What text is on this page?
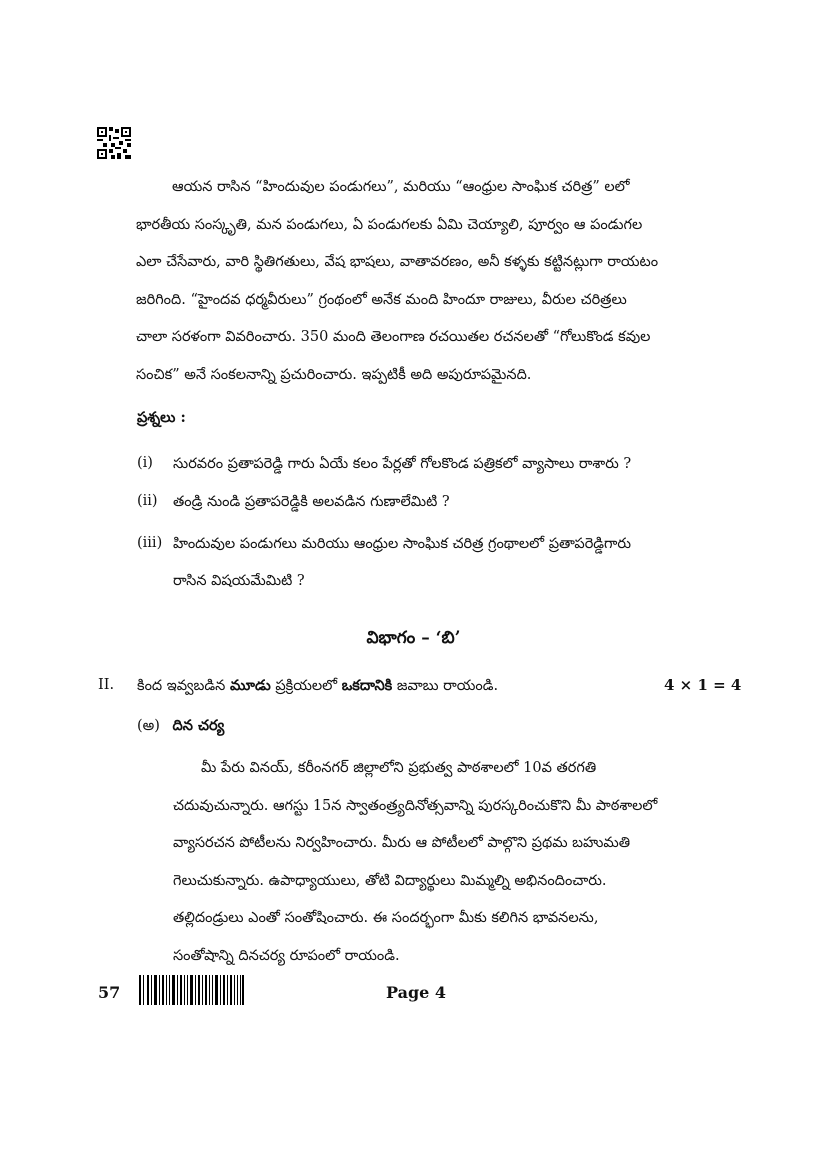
ఆయన రాసిన “హిందువుల పండుగలు”, మరియు “ఆంధ్రుల సాంఘిక చరిత్ర” లలో
భారతీయ సంస్కృతి, మన పండుగలు, ఏ పండుగలకు ఏమి చెయ్యాలి, పూర్వం ఆ పండుగల
ఎలా చేసేవారు, వారి స్థితిగతులు, వేష భాషలు, వాతావరణం, అనీ కళ్ళకు కట్టినట్లుగా రాయటం
జరిగింది. “హైందవ ధర్మవీరులు” గ్రంథంలో అనేక మంది హిందూ రాజులు, వీరుల చరిత్రలు
చాలా సరళంగా వివరించారు. 350 మంది తెలంగాణ రచయితల రచనలతో “గోలుకొండ కవుల
సంచిక” అనే సంకలనాన్ని ప్రచురించారు. ఇప్పటికీ అది అపురూపమైనది.

ప్రశ్నలు :

(i) సురవరం ప్రతాపరెడ్డి గారు ఏయే కలం పేర్లతో గోలకొండ పత్రికలో వ్యాసాలు రాశారు ?
(ii) తండ్రి నుండి ప్రతాపరెడ్డికి అలవడిన గుణాలేమిటి ?
(iii) హిందువుల పండుగలు మరియు ఆంధ్రుల సాంఘిక చరిత్ర గ్రంథాలలో ప్రతాపరెడ్డిగారు
రాసిన విషయమేమిటి ?
విభాగం – ‘బి’
II. కింద ఇవ్వబడిన మూడు ప్రక్రియలలో ఒకదానికి జవాబు రాయండి.	4 × 1 = 4

(అ) దిన చర్య

మీ పేరు వినయ్, కరీంనగర్ జిల్లాలోని ప్రభుత్వ పాఠశాలలో 10వ తరగతి
చదువుచున్నారు. ఆగస్టు 15న స్వాతంత్ర్యదినోత్సవాన్ని పురస్కరించుకొని మీ పాఠశాలలో
వ్యాసరచన పోటీలను నిర్వహించారు. మీరు ఆ పోటీలలో పాల్గొని ప్రథమ బహుమతి
గెలుచుకున్నారు. ఉపాధ్యాయులు, తోటి విద్యార్థులు మిమ్మల్ని అభినందించారు.
తల్లిదండ్రులు ఎంతో సంతోషించారు. ఈ సందర్భంగా మీకు కలిగిన భావనలను,
సంతోషాన్ని దినచర్య రూపంలో రాయండి.
57	Page 4
